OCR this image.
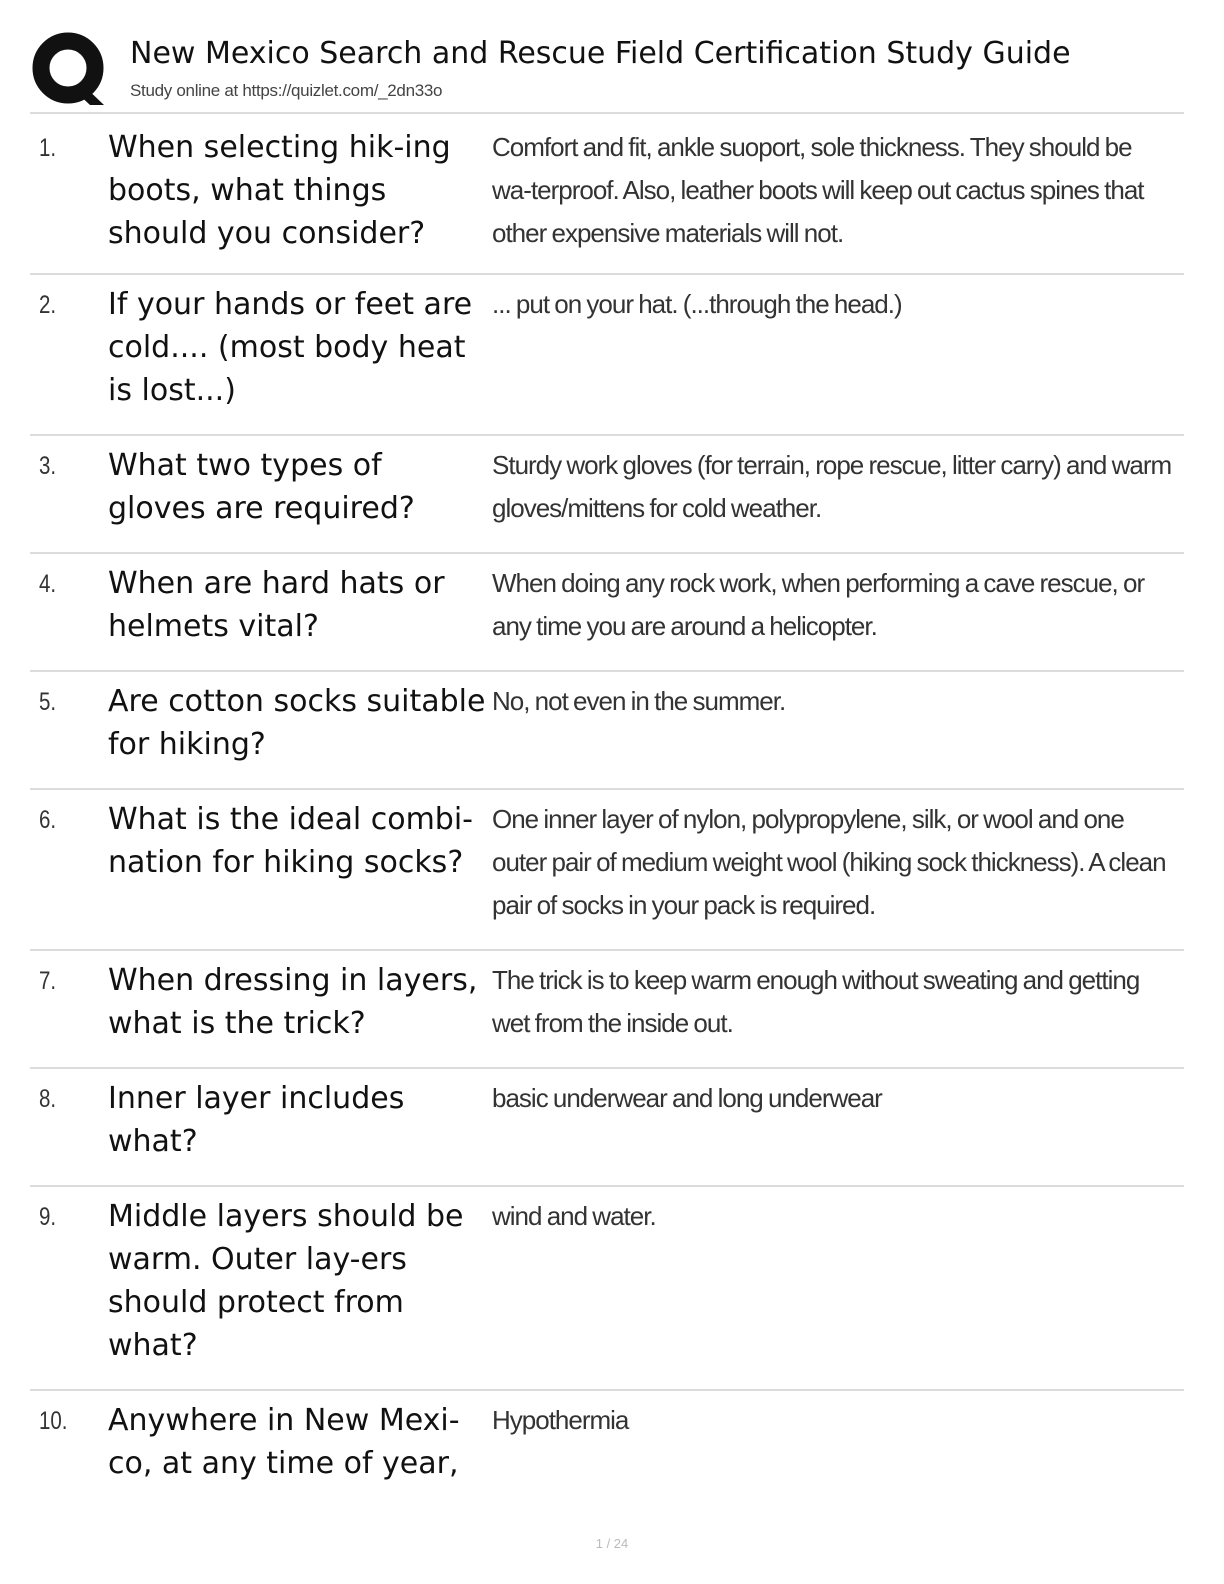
New Mexico Search and Rescue Field Certification Study Guide
Study online at https://quizlet.com/_2dn33o
1. When selecting hik-ing boots, what things should you consider?
Comfort and fit, ankle suoport, sole thickness. They should be wa-terproof. Also, leather boots will keep out cactus spines that other expensive materials will not.
2. If your hands or feet are cold.... (most body heat is lost...)
... put on your hat. (...through the head.)
3. What two types of gloves are required?
Sturdy work gloves (for terrain, rope rescue, litter carry) and warm gloves/mittens for cold weather.
4. When are hard hats or helmets vital?
When doing any rock work, when performing a cave rescue, or any time you are around a helicopter.
5. Are cotton socks suitable for hiking?
No, not even in the summer.
6. What is the ideal combi-nation for hiking socks?
One inner layer of nylon, polypropylene, silk, or wool and one outer pair of medium weight wool (hiking sock thickness). A clean pair of socks in your pack is required.
7. When dressing in layers, what is the trick?
The trick is to keep warm enough without sweating and getting wet from the inside out.
8. Inner layer includes what?
basic underwear and long underwear
9. Middle layers should be warm. Outer lay-ers should protect from what?
wind and water.
10. Anywhere in New Mexi-co, at any time of year,
Hypothermia
1 / 24
